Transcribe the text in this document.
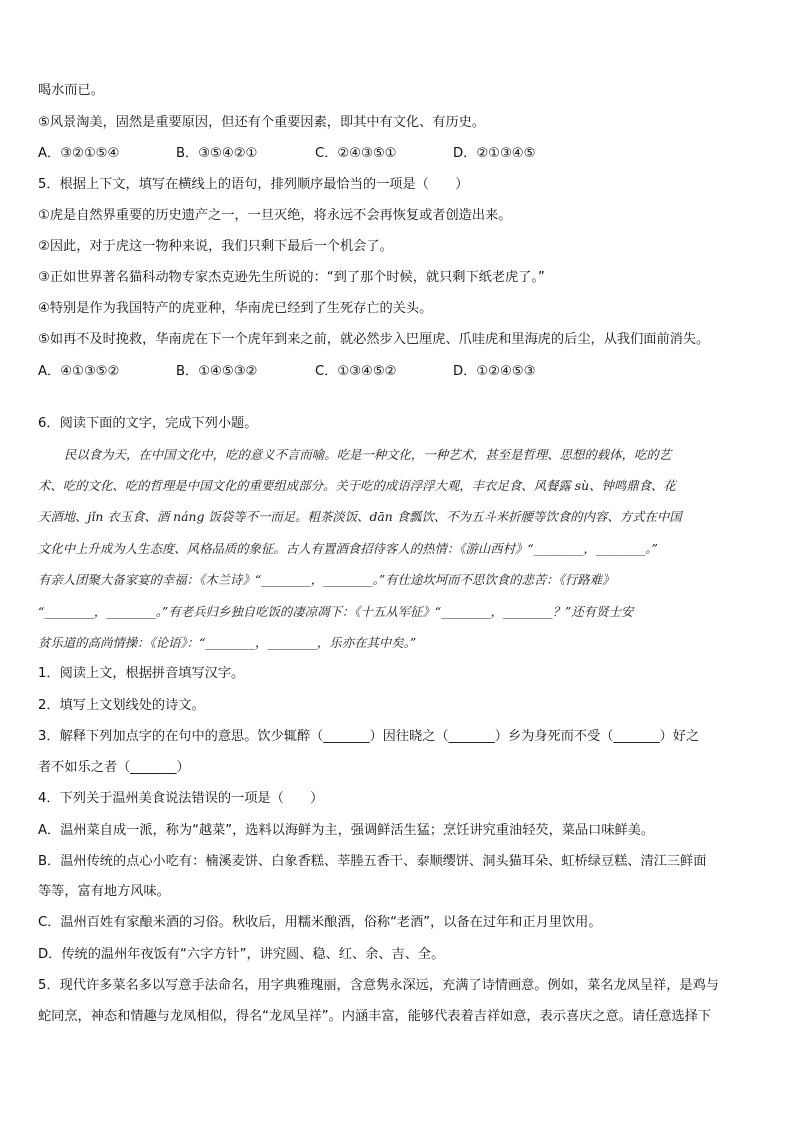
喝水而已。
⑤风景淘美，固然是重要原因，但还有个重要因素，即其中有文化、有历史。
A．③②①⑤④	B．③⑤④②①	C．②④③⑤①	D．②①③④⑤
5．根据上下文，填写在横线上的语句，排列顺序最恰当的一项是（　　）
①虎是自然界重要的历史遗产之一，一旦灭绝，将永远不会再恢复或者创造出来。
②因此，对于虎这一物种来说，我们只剩下最后一个机会了。
③正如世界著名猫科动物专家杰克逊先生所说的：“到了那个时候，就只剩下纸老虎了。”
④特别是作为我国特产的虎亚种，华南虎已经到了生死存亡的关头。
⑤如再不及时挽救，华南虎在下一个虎年到来之前，就必然步入巴厘虎、爪哇虎和里海虎的后尘，从我们面前消失。
A．④①③⑤②	B．①④⑤③②	C．①③④⑤②	D．①②④⑤③
6．阅读下面的文字，完成下列小题。
民以食为天，在中国文化中，吃的意义不言而喻。吃是一种文化，一种艺术，甚至是哲理、思想的载体，吃的艺
术、吃的文化、吃的哲理是中国文化的重要组成部分。关于吃的成语浮浮大观，丰衣足食、风餐露 sù、钟鸣鼎食、花
天酒地、jǐn 衣玉食、酒 náng 饭袋等不一而足。粗茶淡饭、dān 食瓢饮、不为五斗米折腰等饮食的内容、方式在中国
文化中上升成为人生态度、风格品质的象征。古人有置酒食招待客人的热情：《游山西村》“________，________。”
有亲人团聚大备家宴的幸福：《木兰诗》“________，________。”有仕途坎坷而不思饮食的悲苦：《行路难》
“________，________。”有老兵归乡独自吃饭的凄凉凋下：《十五从军征》“________，________？”还有贤士安
贫乐道的高尚情操：《论语》：“________，________，乐亦在其中矣。”
1．阅读上文，根据拼音填写汉字。
2．填写上文划线处的诗文。
3．解释下列加点字的在句中的意思。饮少辄醉（_______）因往晓之（_______）乡为身死而不受（_______）好之
者不如乐之者（_______）
4．下列关于温州美食说法错误的一项是（　　）
A．温州菜自成一派，称为“越菜”，选料以海鲜为主，强调鲜活生猛；烹饪讲究重油轻芡，菜品口味鲜美。
B．温州传统的点心小吃有：楠溪麦饼、白象香糕、莘塍五香干、泰顺缨饼、洞头猫耳朵、虹桥绿豆糕、清江三鲜面
等等，富有地方风味。
C．温州百姓有家酿米酒的习俗。秋收后，用糯米酿酒，俗称“老酒”，以备在过年和正月里饮用。
D．传统的温州年夜饭有“六字方针”，讲究圆、稳、红、余、吉、全。
5．现代许多菜名多以写意手法命名，用字典雅瑰丽，含意隽永深远，充满了诗情画意。例如，菜名龙凤呈祥，是鸡与
蛇同烹，神态和情趣与龙凤相似，得名“龙凤呈祥”。内涵丰富，能够代表着吉祥如意，表示喜庆之意。请任意选择下
